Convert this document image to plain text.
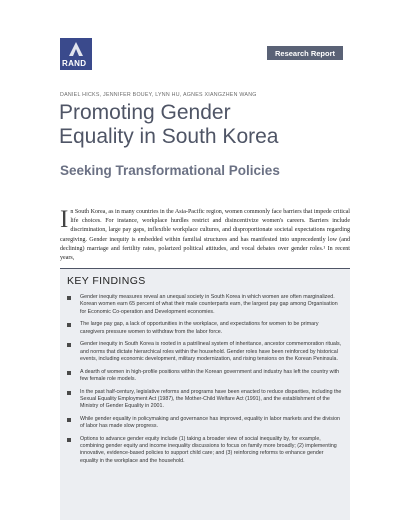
RAND
Research Report
DANIEL HICKS, JENNIFER BOUEY, LYNN HU, AGNES XIANGZHEN WANG
Promoting Gender
Equality in South Korea
Seeking Transformational Policies

In South Korea, as in many countries in the Asia-Pacific region, women commonly face barriers that impede critical life choices. For instance, workplace hurdles restrict and disincentivize women's careers. Barriers include discrimination, large pay gaps, inflexible workplace cultures, and disproportionate societal expectations regarding caregiving. Gender inequity is embedded within familial structures and has manifested into unprecedently low (and declining) marriage and fertility rates, polarized political attitudes, and vocal debates over gender roles.¹ In recent years,

KEY FINDINGS
Gender inequity measures reveal an unequal society in South Korea in which women are often marginalized. Korean women earn 65 percent of what their male counterparts earn, the largest pay gap among Organisation for Economic Co-operation and Development economies.
The large pay gap, a lack of opportunities in the workplace, and expectations for women to be primary caregivers pressure women to withdraw from the labor force.
Gender inequity in South Korea is rooted in a patrilineal system of inheritance, ancestor commemoration rituals, and norms that dictate hierarchical roles within the household. Gender roles have been reinforced by historical events, including economic development, military modernization, and rising tensions on the Korean Peninsula.
A dearth of women in high-profile positions within the Korean government and industry has left the country with few female role models.
In the past half-century, legislative reforms and programs have been enacted to reduce disparities, including the Sexual Equality Employment Act (1987), the Mother-Child Welfare Act (1991), and the establishment of the Ministry of Gender Equality in 2001.
While gender equality in policymaking and governance has improved, equality in labor markets and the division of labor has made slow progress.
Options to advance gender equity include (1) taking a broader view of social inequality by, for example, combining gender equity and income inequality discussions to focus on family more broadly; (2) implementing innovative, evidence-based policies to support child care; and (3) reinforcing reforms to enhance gender equality in the workplace and the household.
